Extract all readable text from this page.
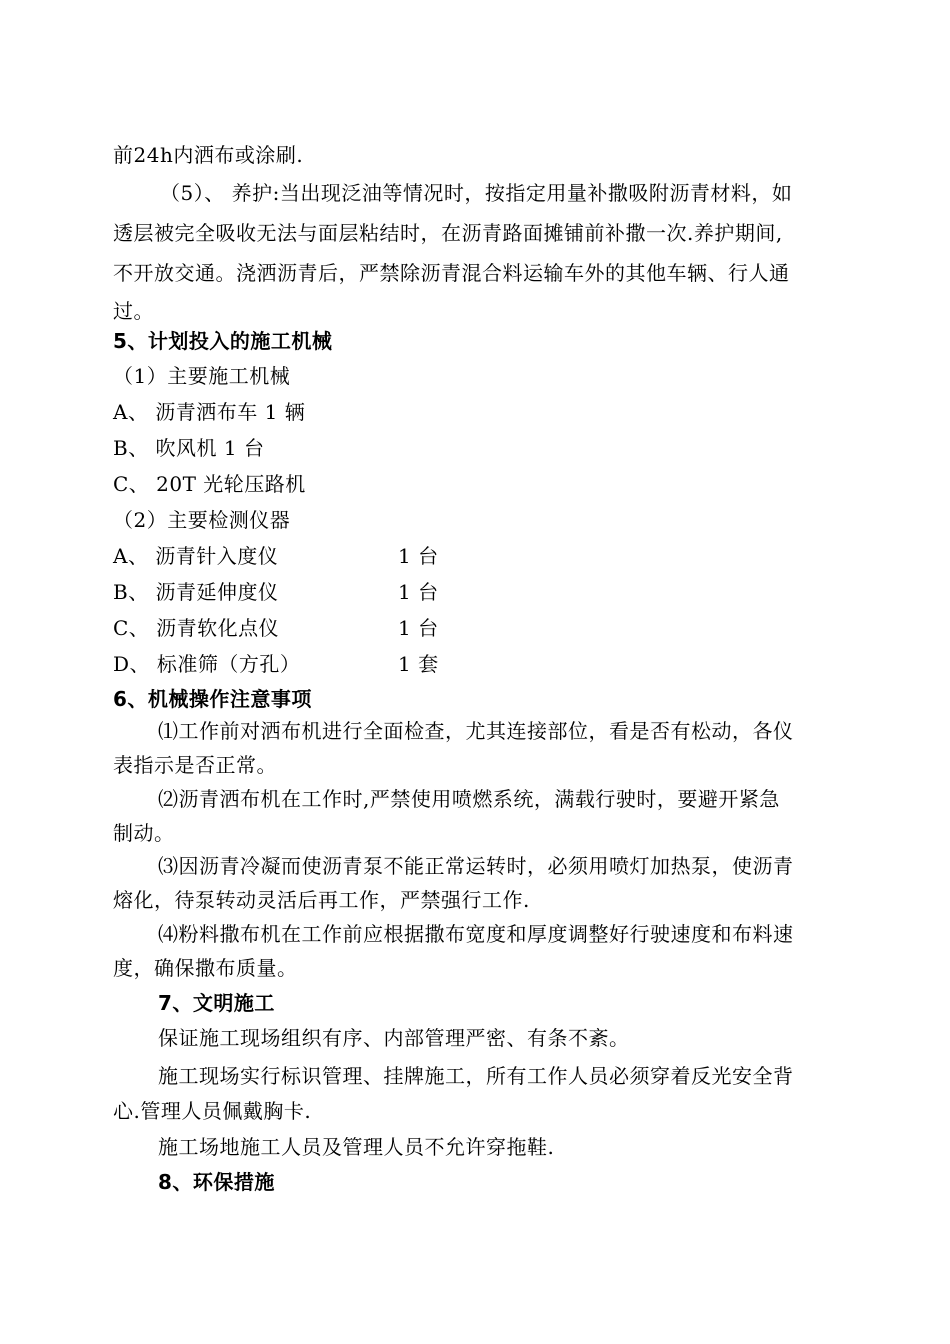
前24h内洒布或涂刷.
（5）、 养护:当出现泛油等情况时，按指定用量补撒吸附沥青材料，如
透层被完全吸收无法与面层粘结时，在沥青路面摊铺前补撒一次.养护期间,
不开放交通。浇洒沥青后，严禁除沥青混合料运输车外的其他车辆、行人通
过。
5、计划投入的施工机械
（1）主要施工机械
A、 沥青洒布车 1 辆
B、 吹风机 1 台
C、 20T 光轮压路机
（2）主要检测仪器
A、 沥青针入度仪	1 台
B、 沥青延伸度仪	1 台
C、 沥青软化点仪	1 台
D、 标准筛（方孔）	1 套
6、机械操作注意事项
⑴工作前对洒布机进行全面检查，尤其连接部位，看是否有松动，各仪
表指示是否正常。
⑵沥青洒布机在工作时,严禁使用喷燃系统，满载行驶时，要避开紧急
制动。
⑶因沥青冷凝而使沥青泵不能正常运转时，必须用喷灯加热泵，使沥青
熔化，待泵转动灵活后再工作，严禁强行工作.
⑷粉料撒布机在工作前应根据撒布宽度和厚度调整好行驶速度和布料速
度，确保撒布质量。
7、文明施工
保证施工现场组织有序、内部管理严密、有条不紊。
施工现场实行标识管理、挂牌施工，所有工作人员必须穿着反光安全背
心.管理人员佩戴胸卡.
施工场地施工人员及管理人员不允许穿拖鞋.
8、环保措施
